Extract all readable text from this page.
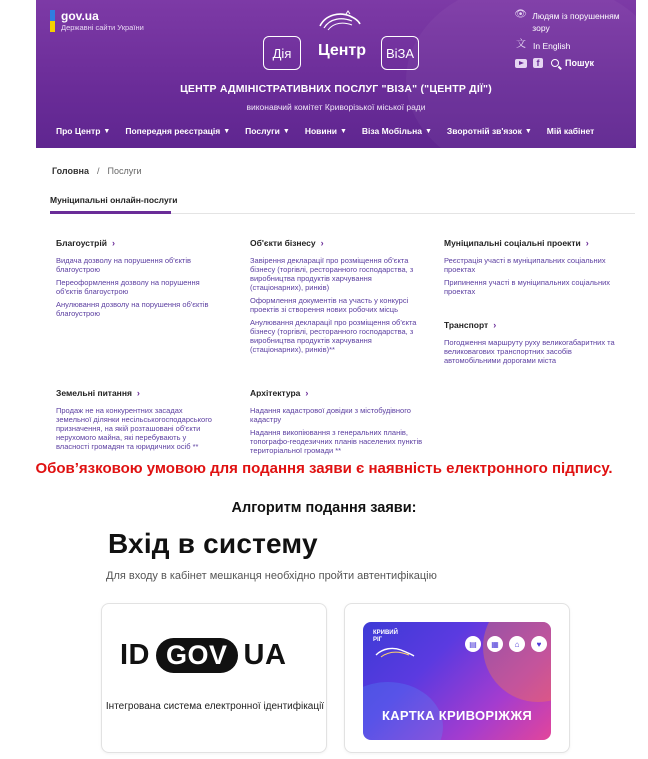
gov.ua
Державні сайти України
Дія	Центр	ВіЗА
👁 Людям із порушенням зору
文 In English
f	Пошук
ЦЕНТР АДМІНІСТРАТИВНИХ ПОСЛУГ "ВІЗА" ("ЦЕНТР ДІЇ")
виконавчий комітет Криворізької міської ради
Про Центр ▼ Попередня реєстрація ▼ Послуги ▼ Новини ▼ Віза Мобільна ▼ Зворотній зв'язок ▼ Мій кабінет
Головна / Послуги
Муніципальні онлайн-послуги
Благоустрій ›
Видача дозволу на порушення об'єктів благоустрою
Переоформлення дозволу на порушення об'єктів благоустрою
Анулювання дозволу на порушення об'єктів благоустрою
Об'єкти бізнесу ›
Завірення декларації про розміщення об'єкта бізнесу (торгівлі, ресторанного господарства, з виробництва продуктів харчування (стаціонарних), ринків)
Оформлення документів на участь у конкурсі проектів зі створення нових робочих місць
Анулювання декларації про розміщення об'єкта бізнесу (торгівлі, ресторанного господарства, з виробництва продуктів харчування (стаціонарних), ринків)**
Муніципальні соціальні проекти ›
Реєстрація участі в муніципальних соціальних проектах
Припинення участі в муніципальних соціальних проектах
Транспорт ›
Погодження маршруту руху великогабаритних та великовагових транспортних засобів автомобільними дорогами міста
Земельні питання ›
Продаж не на конкурентних засадах земельної ділянки несільськогосподарського призначення, на якій розташовані об'єкти нерухомого майна, які перебувають у власності громадян та юридичних осіб **
Архітектура ›
Надання кадастрової довідки з містобудівного кадастру
Надання викопіювання з генеральних планів, топографо-геодезичних планів населених пунктів територіальної громади **
Обов’язковою умовою для подання заяви є наявність електронного підпису.
Алгоритм подання заяви:
Вхід в систему
Для входу в кабінет мешканця необхідно пройти автентифікацію
ID GOV UA
Інтегрована система електронної ідентифікації
КРИВИЙ
РІГ	▤	▦	⌂	♥
КАРТКА КРИВОРІЖЖЯ
